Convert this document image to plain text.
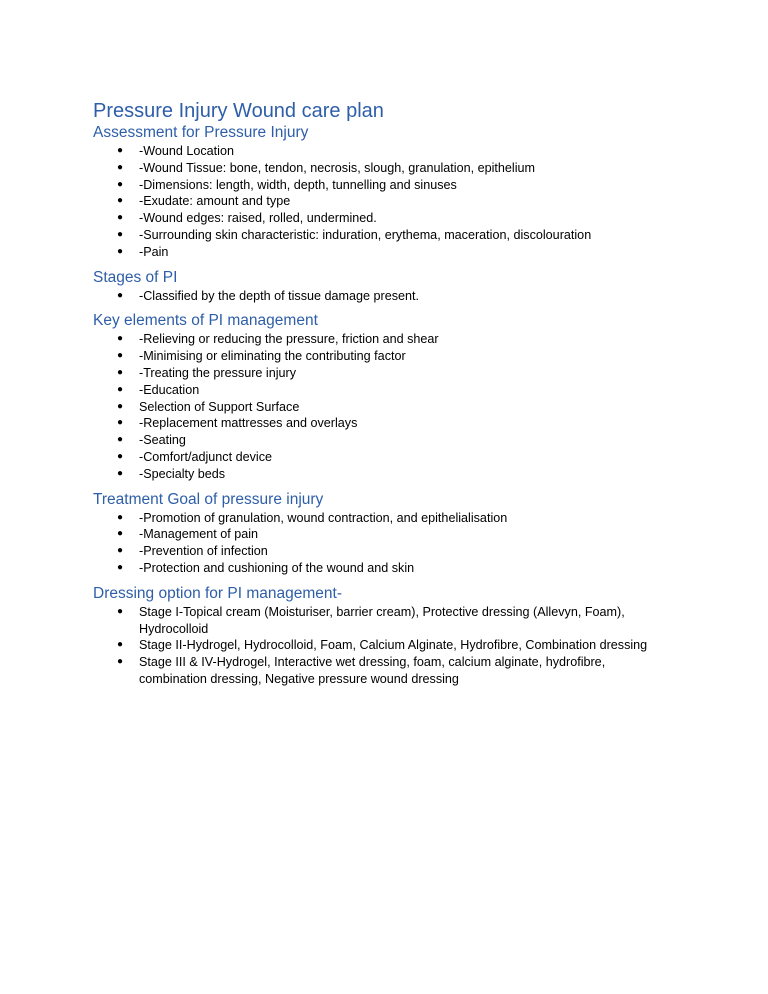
Pressure Injury Wound care plan
Assessment for Pressure Injury
● -Wound Location
● -Wound Tissue: bone, tendon, necrosis, slough, granulation, epithelium
● -Dimensions: length, width, depth, tunnelling and sinuses
● -Exudate: amount and type
● -Wound edges: raised, rolled, undermined.
● -Surrounding skin characteristic: induration, erythema, maceration, discolouration
● -Pain
Stages of PI
● -Classified by the depth of tissue damage present.
Key elements of PI management
● -Relieving or reducing the pressure, friction and shear
● -Minimising or eliminating the contributing factor
● -Treating the pressure injury
● -Education
● Selection of Support Surface
● -Replacement mattresses and overlays
● -Seating
● -Comfort/adjunct device
● -Specialty beds
Treatment Goal of pressure injury
● -Promotion of granulation, wound contraction, and epithelialisation
● -Management of pain
● -Prevention of infection
● -Protection and cushioning of the wound and skin
Dressing option for PI management-
● Stage I-Topical cream (Moisturiser, barrier cream), Protective dressing (Allevyn, Foam), Hydrocolloid
● Stage II-Hydrogel, Hydrocolloid, Foam, Calcium Alginate, Hydrofibre, Combination dressing
● Stage III & IV-Hydrogel, Interactive wet dressing, foam, calcium alginate, hydrofibre, combination dressing, Negative pressure wound dressing
